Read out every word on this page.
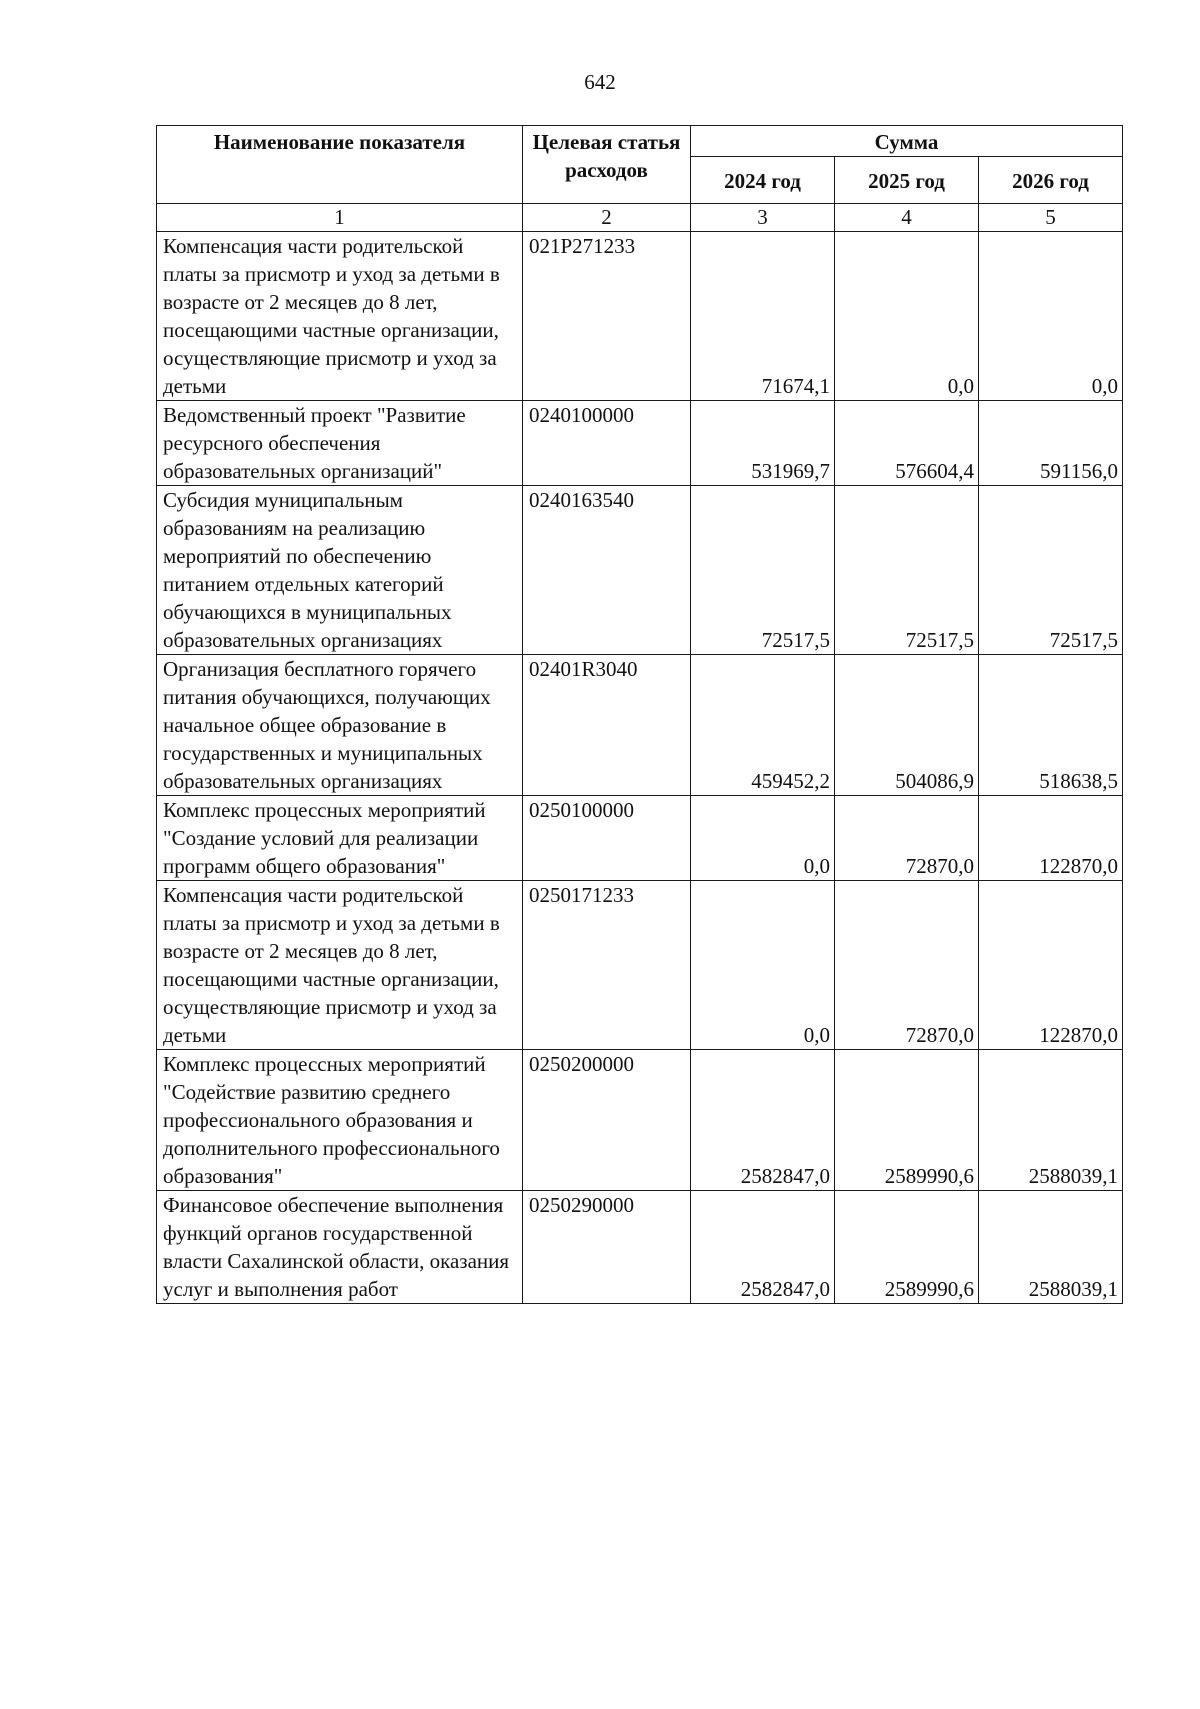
642
Наименование показателя	Целевая статья расходов	Сумма		
		2024 год	2025 год	2026 год
1	2	3	4	5
Компенсация части родительской платы за присмотр и уход за детьми в возрасте от 2 месяцев до 8 лет, посещающими частные организации, осуществляющие присмотр и уход за детьми	021P271233	71674,1	0,0	0,0
Ведомственный проект "Развитие ресурсного обеспечения образовательных организаций"	0240100000	531969,7	576604,4	591156,0
Субсидия муниципальным образованиям на реализацию мероприятий по обеспечению питанием отдельных категорий обучающихся в муниципальных образовательных организациях	0240163540	72517,5	72517,5	72517,5
Организация бесплатного горячего питания обучающихся, получающих начальное общее образование в государственных и муниципальных образовательных организациях	02401R3040	459452,2	504086,9	518638,5
Комплекс процессных мероприятий "Создание условий для реализации программ общего образования"	0250100000	0,0	72870,0	122870,0
Компенсация части родительской платы за присмотр и уход за детьми в возрасте от 2 месяцев до 8 лет, посещающими частные организации, осуществляющие присмотр и уход за детьми	0250171233	0,0	72870,0	122870,0
Комплекс процессных мероприятий "Содействие развитию среднего профессионального образования и дополнительного профессионального образования"	0250200000	2582847,0	2589990,6	2588039,1
Финансовое обеспечение выполнения функций органов государственной власти Сахалинской области, оказания услуг и выполнения работ	0250290000	2582847,0	2589990,6	2588039,1
